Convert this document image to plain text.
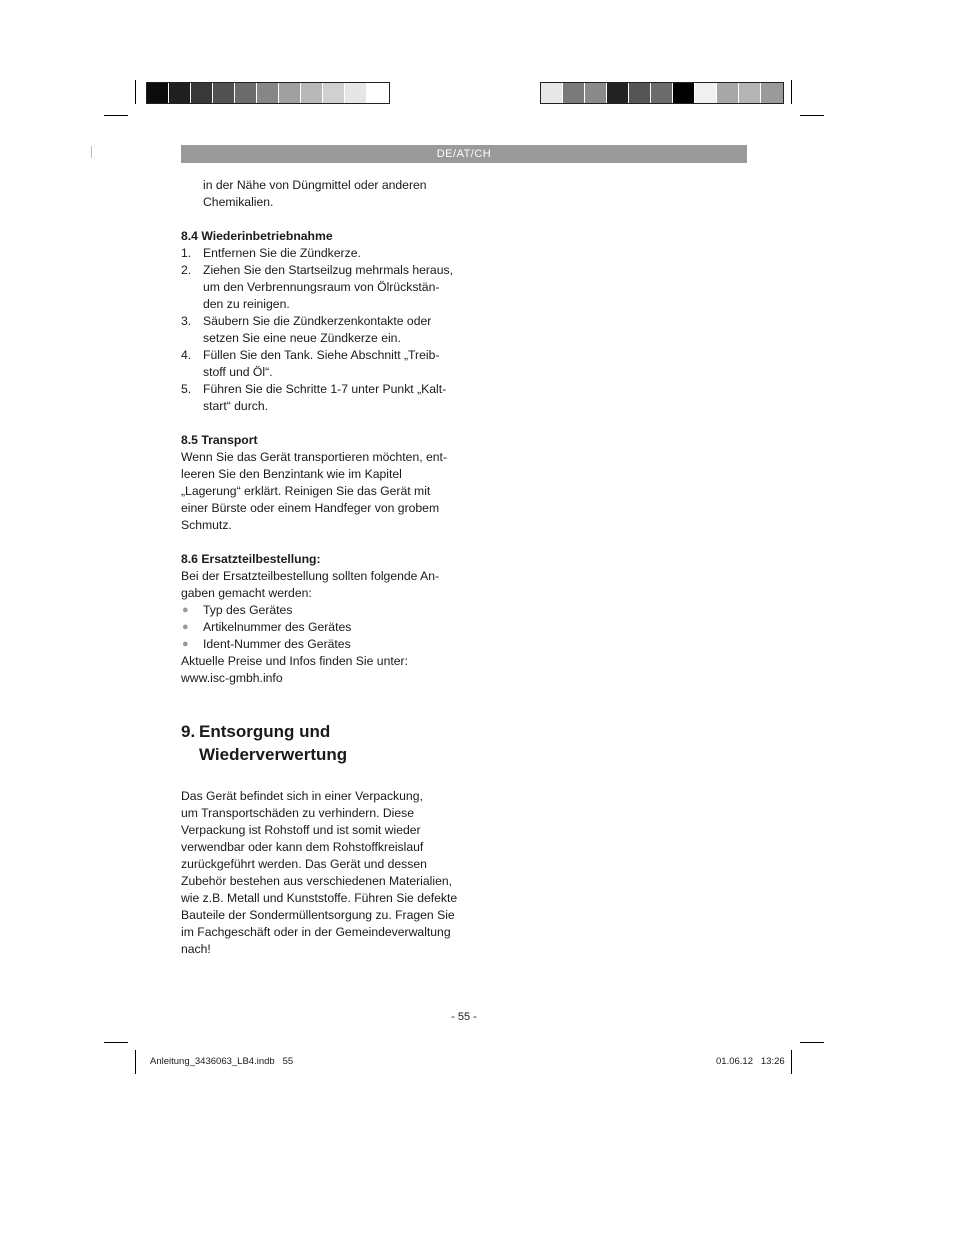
DE/AT/CH

in der Nähe von Düngmittel oder anderen

Chemikalien.

8.4 Wiederinbetriebnahme

1. Entfernen Sie die Zündkerze.

2. Ziehen Sie den Startseilzug mehrmals heraus,

um den Verbrennungsraum von Ölrückstän-

den zu reinigen.

3. Säubern Sie die Zündkerzenkontakte oder

setzen Sie eine neue Zündkerze ein.

4. Füllen Sie den Tank. Siehe Abschnitt „Treib-

stoff und Öl“.

5. Führen Sie die Schritte 1-7 unter Punkt „Kalt-

start“ durch.

8.5 Transport

Wenn Sie das Gerät transportieren möchten, ent-

leeren Sie den Benzintank wie im Kapitel

„Lagerung“ erklärt. Reinigen Sie das Gerät mit

einer Bürste oder einem Handfeger von grobem

Schmutz.

8.6 Ersatzteilbestellung:

Bei der Ersatzteilbestellung sollten folgende An-

gaben gemacht werden:

● Typ des Gerätes
● Artikelnummer des Gerätes
● Ident-Nummer des Gerätes

Aktuelle Preise und Infos finden Sie unter:

www.isc-gmbh.info

9. Entsorgung und

Wiederverwertung

Das Gerät befindet sich in einer Verpackung,

um Transportschäden zu verhindern. Diese

Verpackung ist Rohstoff und ist somit wieder

verwendbar oder kann dem Rohstoffkreislauf

zurückgeführt werden. Das Gerät und dessen

Zubehör bestehen aus verschiedenen Materialien,

wie z.B. Metall und Kunststoffe. Führen Sie defekte

Bauteile der Sondermüllentsorgung zu. Fragen Sie

im Fachgeschäft oder in der Gemeindeverwaltung

nach!

- 55 -
Anleitung_3436063_LB4.indb   55	01.06.12   13:26
